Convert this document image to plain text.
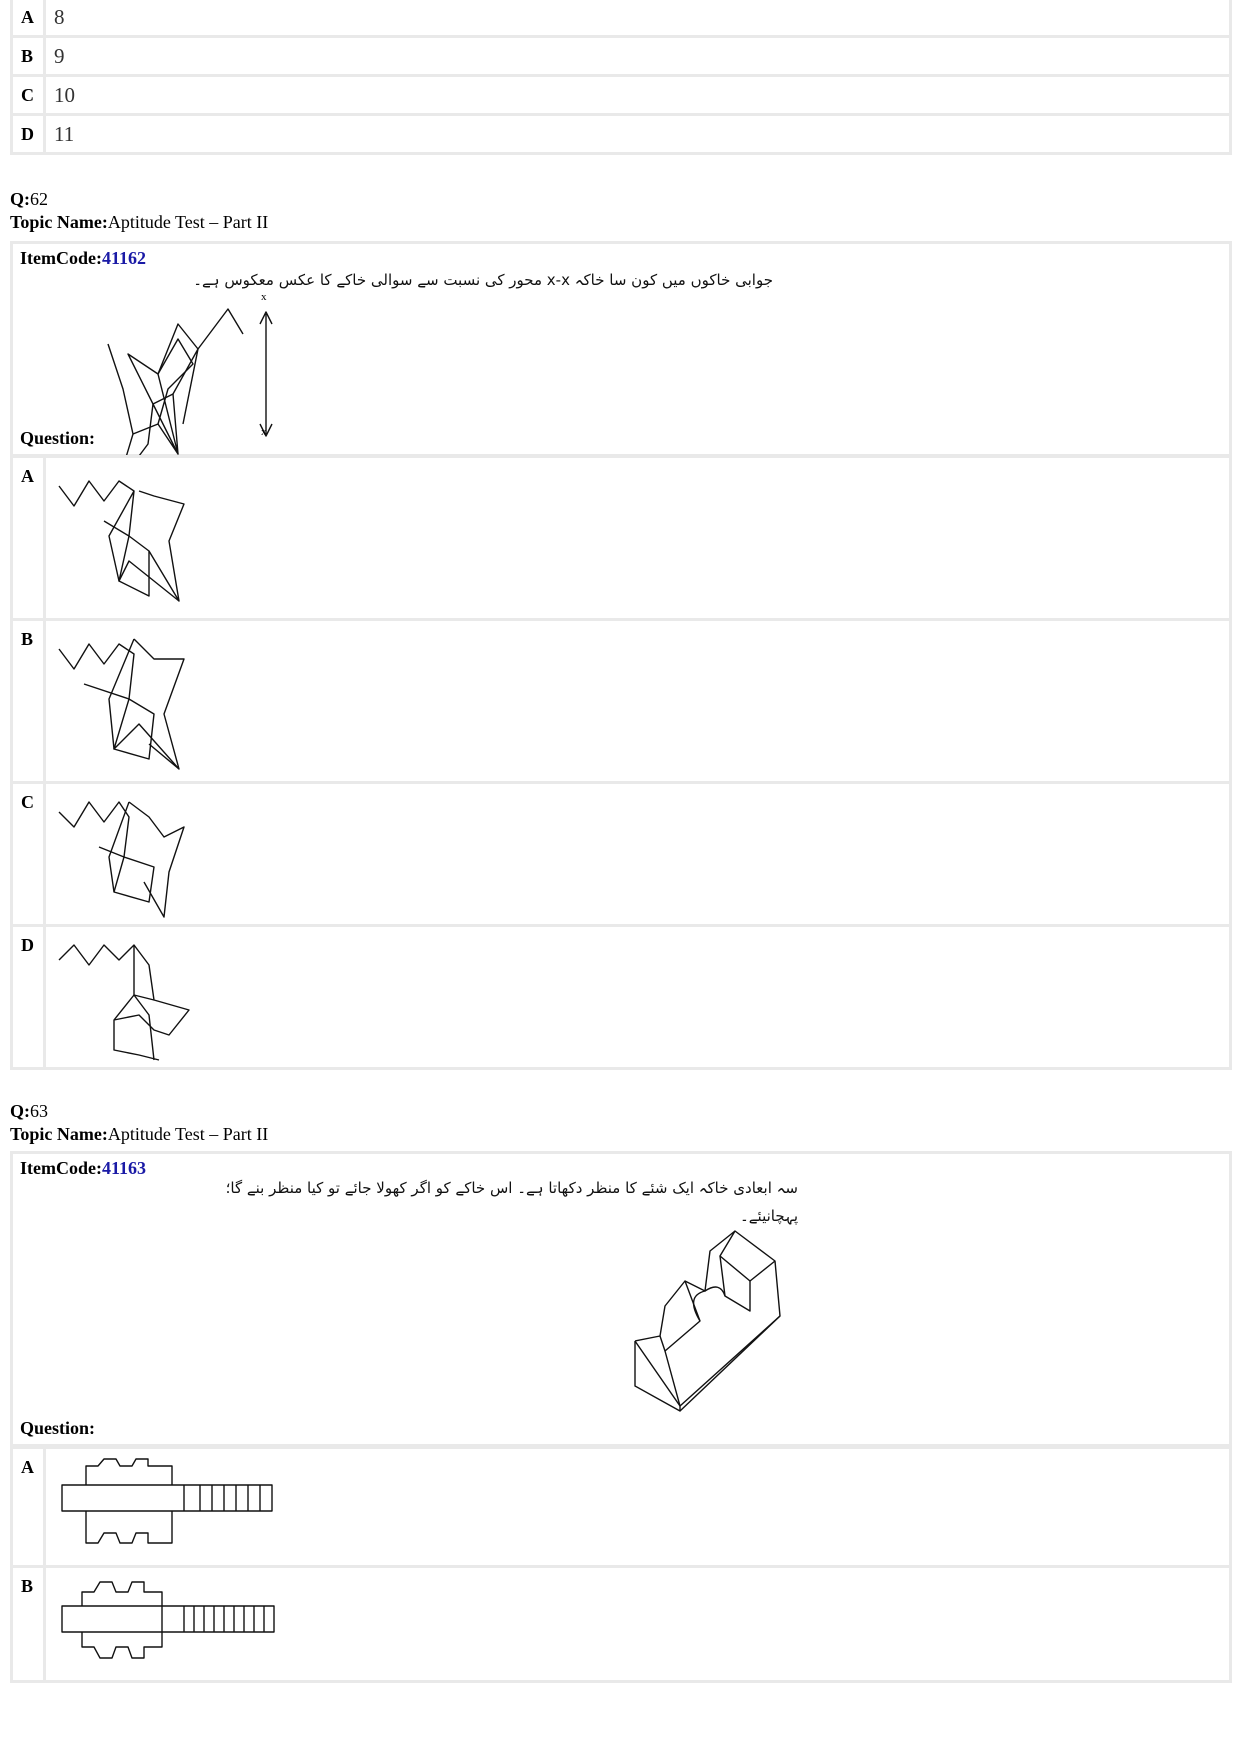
A 8
B 9
C 10
D 11
Q:62
Topic Name:Aptitude Test – Part II
ItemCode:41162
جوابی خاکوں میں کون سا خاکہ x-x محور کی نسبت سے سوالی خاکے کا عکس معکوس ہے۔
x
x
Question:
A
B
C
D
Q:63
Topic Name:Aptitude Test – Part II
ItemCode:41163
سہ ابعادی خاکہ ایک شئے کا منظر دکھاتا ہے۔ اس خاکے کو اگر کھولا جائے تو کیا منظر بنے گا؛
پہچانیئے۔
Question:
A
B
